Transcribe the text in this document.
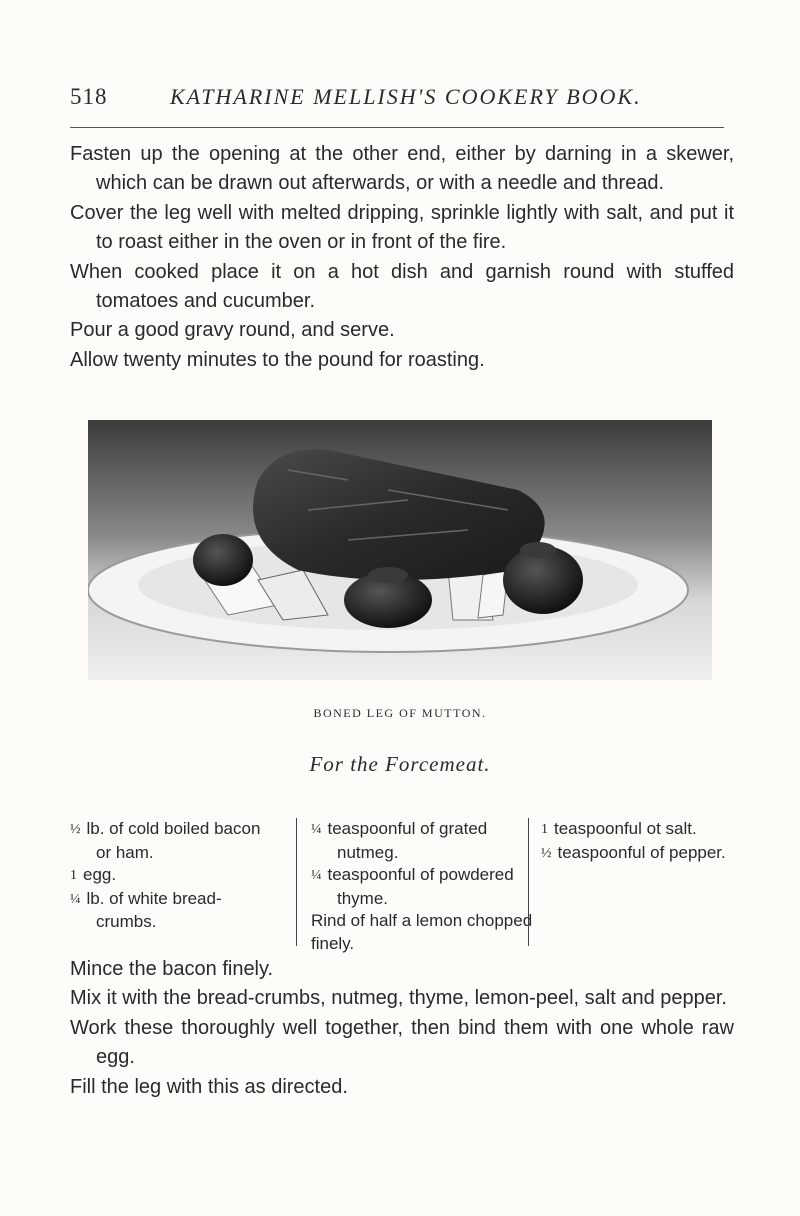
518	KATHARINE MELLISH'S COOKERY BOOK.

Fasten up the opening at the other end, either by darning in a skewer, which can be drawn out afterwards, or with a needle and thread.

Cover the leg well with melted dripping, sprinkle lightly with salt, and put it to roast either in the oven or in front of the fire.

When cooked place it on a hot dish and garnish round with stuffed tomatoes and cucumber.

Pour a good gravy round, and serve.

Allow twenty minutes to the pound for roasting.

BONED LEG OF MUTTON.
For the Forcemeat.

½ lb. of cold boiled bacon or ham.

1 egg.

¼ lb. of white bread-crumbs.

¼ teaspoonful of grated nutmeg.

¼ teaspoonful of powdered thyme.

Rind of half a lemon chopped finely.

1 teaspoonful ot salt.

½ teaspoonful of pepper.

Mince the bacon finely.

Mix it with the bread-crumbs, nutmeg, thyme, lemon-peel, salt and pepper.

Work these thoroughly well together, then bind them with one whole raw egg.

Fill the leg with this as directed.
